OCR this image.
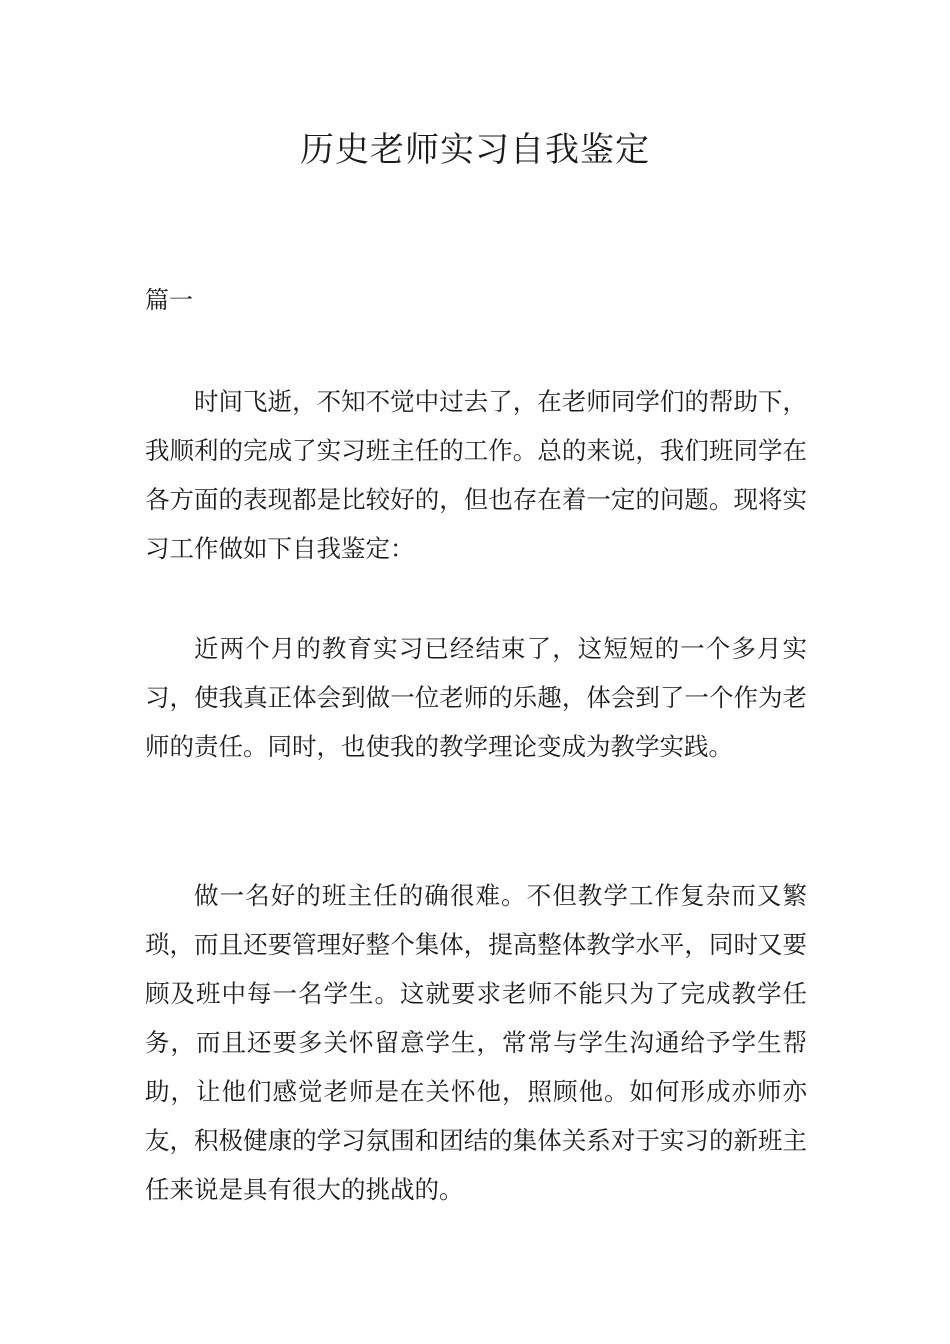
历史老师实习自我鉴定

篇一

时间飞逝，不知不觉中过去了，在老师同学们的帮助下，我顺利的完成了实习班主任的工作。总的来说，我们班同学在各方面的表现都是比较好的，但也存在着一定的问题。现将实习工作做如下自我鉴定：

近两个月的教育实习已经结束了，这短短的一个多月实习，使我真正体会到做一位老师的乐趣，体会到了一个作为老师的责任。同时，也使我的教学理论变成为教学实践。

做一名好的班主任的确很难。不但教学工作复杂而又繁琐，而且还要管理好整个集体，提高整体教学水平，同时又要顾及班中每一名学生。这就要求老师不能只为了完成教学任务，而且还要多关怀留意学生，常常与学生沟通给予学生帮助，让他们感觉老师是在关怀他，照顾他。如何形成亦师亦友，积极健康的学习氛围和团结的集体关系对于实习的新班主任来说是具有很大的挑战的。
